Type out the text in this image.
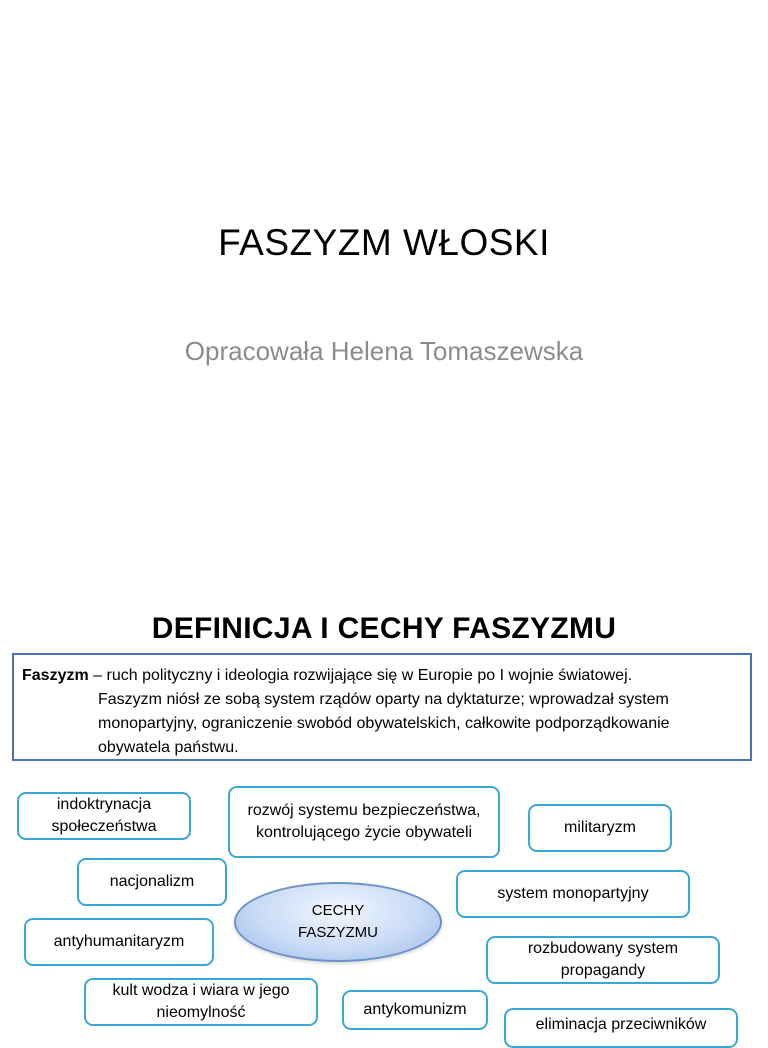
FASZYZM WŁOSKI
Opracowała Helena Tomaszewska
DEFINICJA I CECHY FASZYZMU
Faszyzm – ruch polityczny i ideologia rozwijające się w Europie po I wojnie światowej.
Faszyzm niósł ze sobą system rządów oparty na dyktaturze; wprowadzał system monopartyjny, ograniczenie swobód obywatelskich, całkowite podporządkowanie obywatela państwu.
CECHY
FASZYZMU
indoktrynacja społeczeństwa
rozwój systemu bezpieczeństwa, kontrolującego życie obywateli	militaryzm
nacjonalizm
system monopartyjny
antyhumanitaryzm	rozbudowany system propagandy
kult wodza i wiara w jego nieomylność	antykomunizm
eliminacja przeciwników
